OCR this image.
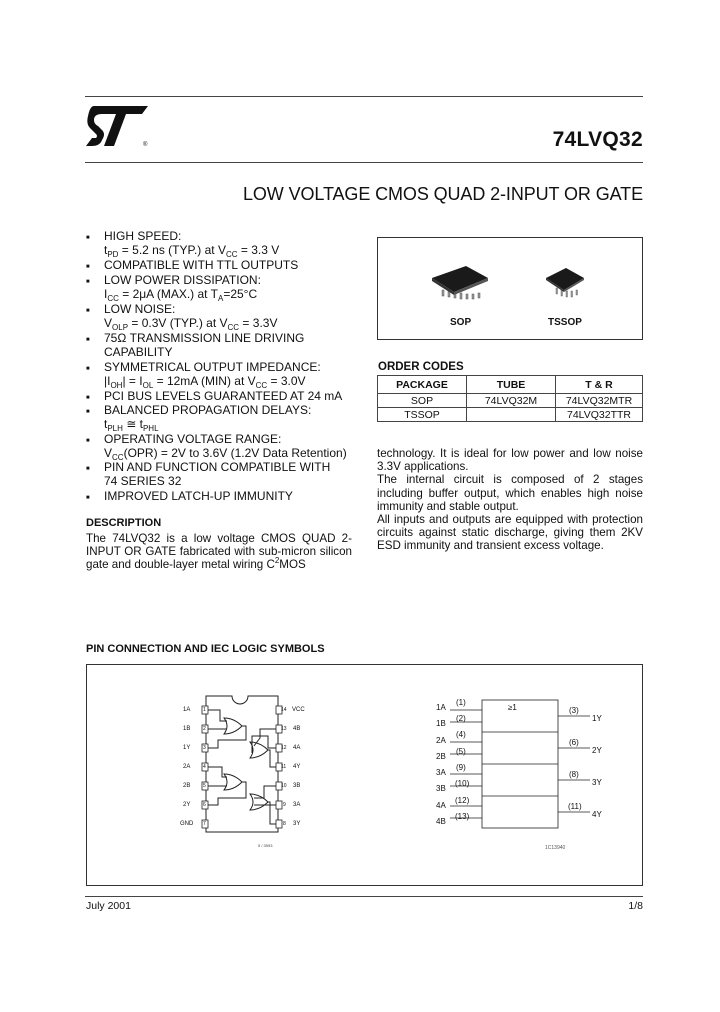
®	74LVQ32
LOW VOLTAGE CMOS QUAD 2-INPUT OR GATE
■ HIGH SPEED:
$t_{PD} = 5.2$ ns (TYP.) at $V_{CC} = 3.3$ V
■ COMPATIBLE WITH TTL OUTPUTS
■ LOW POWER DISSIPATION:
$I_{CC} = 2\mu A$ (MAX.) at $T_A=25^\circ C$
■ LOW NOISE:
$V_{OLP} = 0.3V$ (TYP.) at $V_{CC} = 3.3V$
■ 75Ω TRANSMISSION LINE DRIVING
CAPABILITY
■ SYMMETRICAL OUTPUT IMPEDANCE:
$|I_{OH}| = I_{OL} = 12mA$ (MIN) at $V_{CC} = 3.0V$
■ PCI BUS LEVELS GUARANTEED AT 24 mA
■ BALANCED PROPAGATION DELAYS:
$t_{PLH}$ ≅ $t_{PHL}$
■ OPERATING VOLTAGE RANGE:
$V_{CC}(OPR) = 2V$ to 3.6V (1.2V Data Retention)
■ PIN AND FUNCTION COMPATIBLE WITH
74 SERIES 32
■ IMPROVED LATCH-UP IMMUNITY
DESCRIPTION
The 74LVQ32 is a low voltage CMOS QUAD 2-INPUT OR GATE fabricated with sub-micron silicon gate and double-layer metal wiring $C^2MOS$
technology. It is ideal for low power and low noise 3.3V applications.
The internal circuit is composed of 2 stages including buffer output, which enables high noise immunity and stable output.
All inputs and outputs are equipped with protection circuits against static discharge, giving them 2KV ESD immunity and transient excess voltage.
SOP	TSSOP
ORDER CODES
PACKAGE	TUBE	T & R
SOP	74LVQ32M	74LVQ32MTR
TSSOP		74LVQ32TTR
PIN CONNECTION AND IEC LOGIC SYMBOLS
5 / 3593
1A
1B
1Y
2A
2B
2Y
GND
1
2
3
4
5
6
7
VCC
4B
4A
4Y
3B
3A
3Y
14
13
12
11
10
9
8
≥1
1A
1B
2A
2B
3A
3B
4A
4B
(1)
(2)
(4)
(5)
(9)
(10)
(12)
(13)
(3)
(6)
(8)
(11)
1Y
2Y
3Y
4Y
1C13940
July 2001	1/8
